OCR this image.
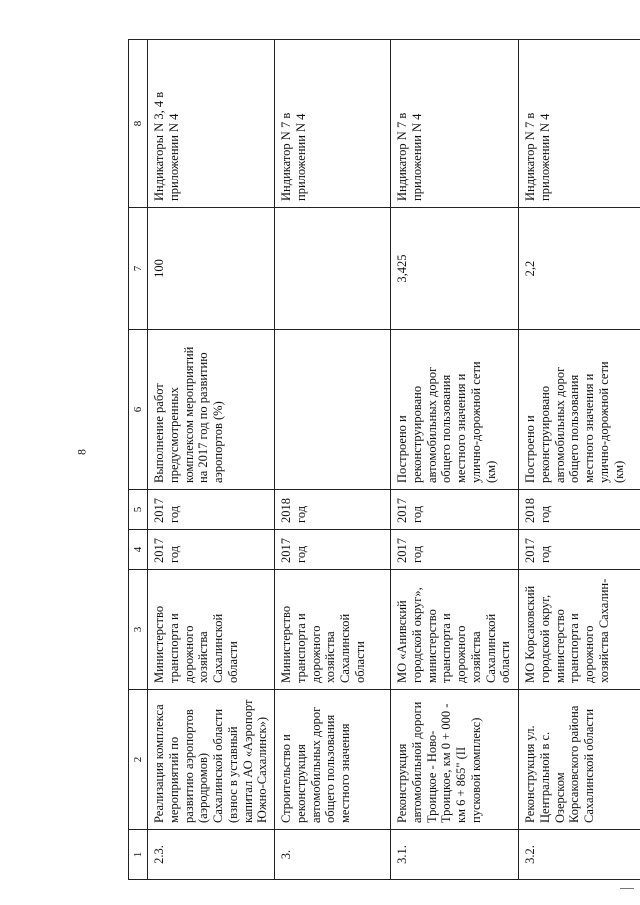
8
1	2	3	4	5	6	7	8
2.3.	Реализация комплекса мероприятий по развитию аэропортов (аэродромов) Сахалинской области (взнос в уставный капитал АО «Аэропорт Южно-Сахалинск»)	Министерство транспорта и дорожного хозяйства Сахалинской области	2017 год	2017 год	Выполнение работ предусмотренных комплексом мероприятий на 2017 год по развитию аэропортов (%)	100	Индикаторы N 3, 4 в приложении N 4
3.	Строительство и реконструкция автомобильных дорог общего пользования местного значения	Министерство транспорта и дорожного хозяйства Сахалинской области	2017 год	2018 год			Индикатор N 7 в приложении N 4
3.1.	Реконструкция автомобильной дороги Троицкое - Ново-Троицкое, км 0 + 000 - км 6 + 865" (II пусковой комплекс)	МО «Анивский городской округ», министерство транспорта и дорожного хозяйства Сахалинской области	2017 год	2017 год	Построено и реконструировано автомобильных дорог общего пользования местного значения и улично-дорожной сети (км)	3,425	Индикатор N 7 в приложении N 4
3.2.	Реконструкция ул. Центральной в с. Озерском Корсаковского района Сахалинской области	МО Корсаковский городской округ, министерство транспорта и дорожного хозяйства Сахалин-	2017 год	2018 год	Построено и реконструировано автомобильных дорог общего пользования местного значения и улично-дорожной сети (км)	2,2	Индикатор N 7 в приложении N 4
